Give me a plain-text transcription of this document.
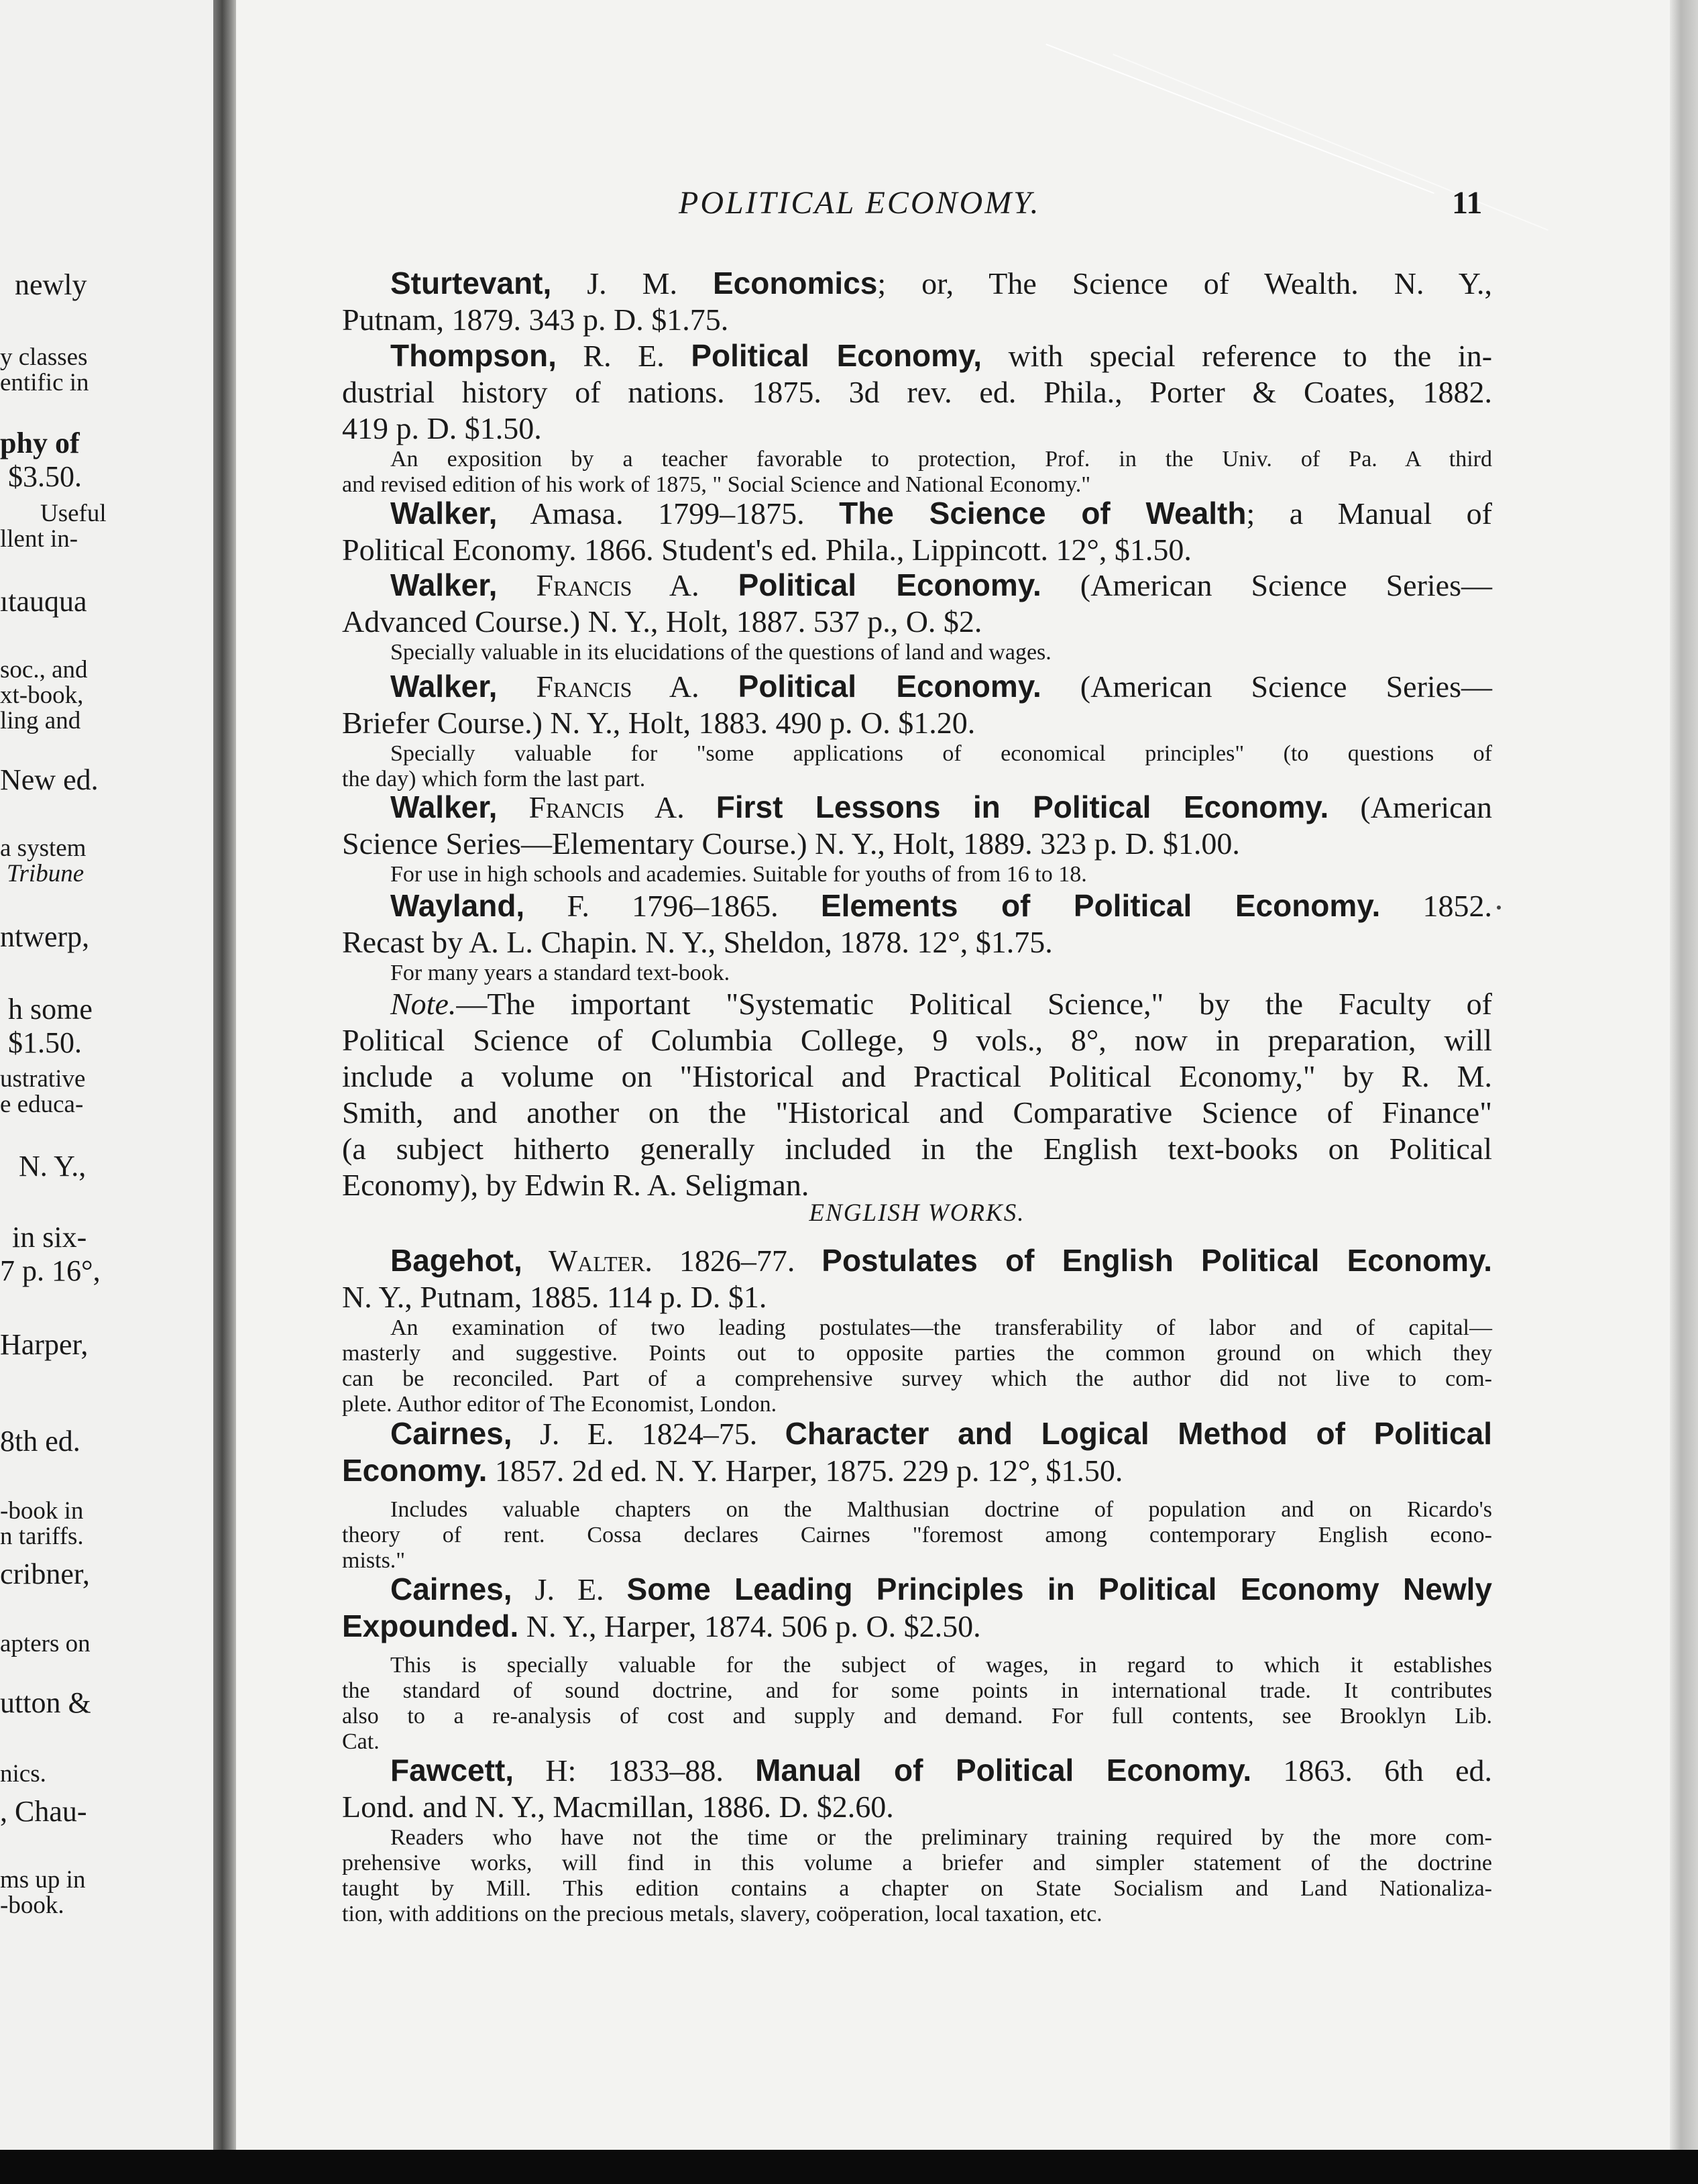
newly
y classes
entific in
phy of
$3.50.
Useful
llent in-
ıtauqua
soc., and
xt-book,
ling and
New ed.
a system
Tribune
ntwerp,
h some
$1.50.
ustrative
e educa-
N. Y.,
in six-
7 p. 16°,
Harper,
8th ed.
-book in
n tariffs.
cribner,
apters on
utton &
nics.
, Chau-
ms up in
-book.
POLITICAL ECONOMY.	11
Sturtevant, J. M. Economics; or, The Science of Wealth. N. Y.,
Putnam, 1879. 343 p. D. $1.75.
Thompson, R. E. Political Economy, with special reference to the in-
dustrial history of nations. 1875. 3d rev. ed. Phila., Porter & Coates, 1882.
419 p. D. $1.50.
An exposition by a teacher favorable to protection, Prof. in the Univ. of Pa. A third
and revised edition of his work of 1875, " Social Science and National Economy."
Walker, Amasa. 1799–1875. The Science of Wealth; a Manual of
Political Economy. 1866. Student's ed. Phila., Lippincott. 12°, $1.50.
Walker, Francis A. Political Economy. (American Science Series—
Advanced Course.) N. Y., Holt, 1887. 537 p., O. $2.
Specially valuable in its elucidations of the questions of land and wages.
Walker, Francis A. Political Economy. (American Science Series—
Briefer Course.) N. Y., Holt, 1883. 490 p. O. $1.20.
Specially valuable for "some applications of economical principles" (to questions of
the day) which form the last part.
Walker, Francis A. First Lessons in Political Economy. (American
Science Series—Elementary Course.) N. Y., Holt, 1889. 323 p. D. $1.00.
For use in high schools and academies. Suitable for youths of from 16 to 18.
Wayland, F. 1796–1865. Elements of Political Economy. 1852.
Recast by A. L. Chapin. N. Y., Sheldon, 1878. 12°, $1.75.
For many years a standard text-book.
Note.—The important "Systematic Political Science," by the Faculty of
Political Science of Columbia College, 9 vols., 8°, now in preparation, will
include a volume on "Historical and Practical Political Economy," by R. M.
Smith, and another on the "Historical and Comparative Science of Finance"
(a subject hitherto generally included in the English text-books on Political
Economy), by Edwin R. A. Seligman.
ENGLISH WORKS.
Bagehot, Walter. 1826–77. Postulates of English Political Economy.
N. Y., Putnam, 1885. 114 p. D. $1.
An examination of two leading postulates—the transferability of labor and of capital—
masterly and suggestive. Points out to opposite parties the common ground on which they
can be reconciled. Part of a comprehensive survey which the author did not live to com-
plete. Author editor of The Economist, London.
Cairnes, J. E. 1824–75. Character and Logical Method of Political
Economy. 1857. 2d ed. N. Y. Harper, 1875. 229 p. 12°, $1.50.
Includes valuable chapters on the Malthusian doctrine of population and on Ricardo's
theory of rent. Cossa declares Cairnes "foremost among contemporary English econo-
mists."
Cairnes, J. E. Some Leading Principles in Political Economy Newly
Expounded. N. Y., Harper, 1874. 506 p. O. $2.50.
This is specially valuable for the subject of wages, in regard to which it establishes
the standard of sound doctrine, and for some points in international trade. It contributes
also to a re-analysis of cost and supply and demand. For full contents, see Brooklyn Lib.
Cat.
Fawcett, H: 1833–88. Manual of Political Economy. 1863. 6th ed.
Lond. and N. Y., Macmillan, 1886. D. $2.60.
Readers who have not the time or the preliminary training required by the more com-
prehensive works, will find in this volume a briefer and simpler statement of the doctrine
taught by Mill. This edition contains a chapter on State Socialism and Land Nationaliza-
tion, with additions on the precious metals, slavery, coöperation, local taxation, etc.
